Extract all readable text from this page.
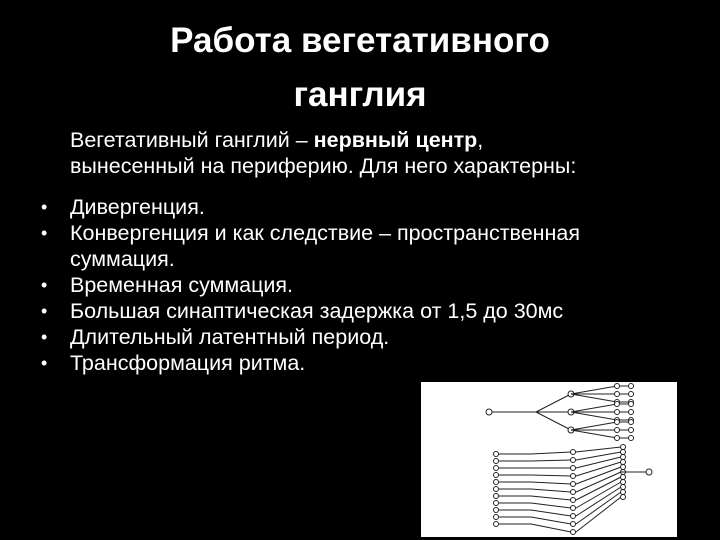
Работа вегетативного
ганглия
Вегетативный ганглий – нервный центр,
вынесенный на периферию. Для него характерны:
• Дивергенция.
• Конвергенция и как следствие – пространственная
суммация.
• Временная суммация.
• Большая синаптическая задержка от 1,5 до 30мс
• Длительный латентный период.
• Трансформация ритма.
